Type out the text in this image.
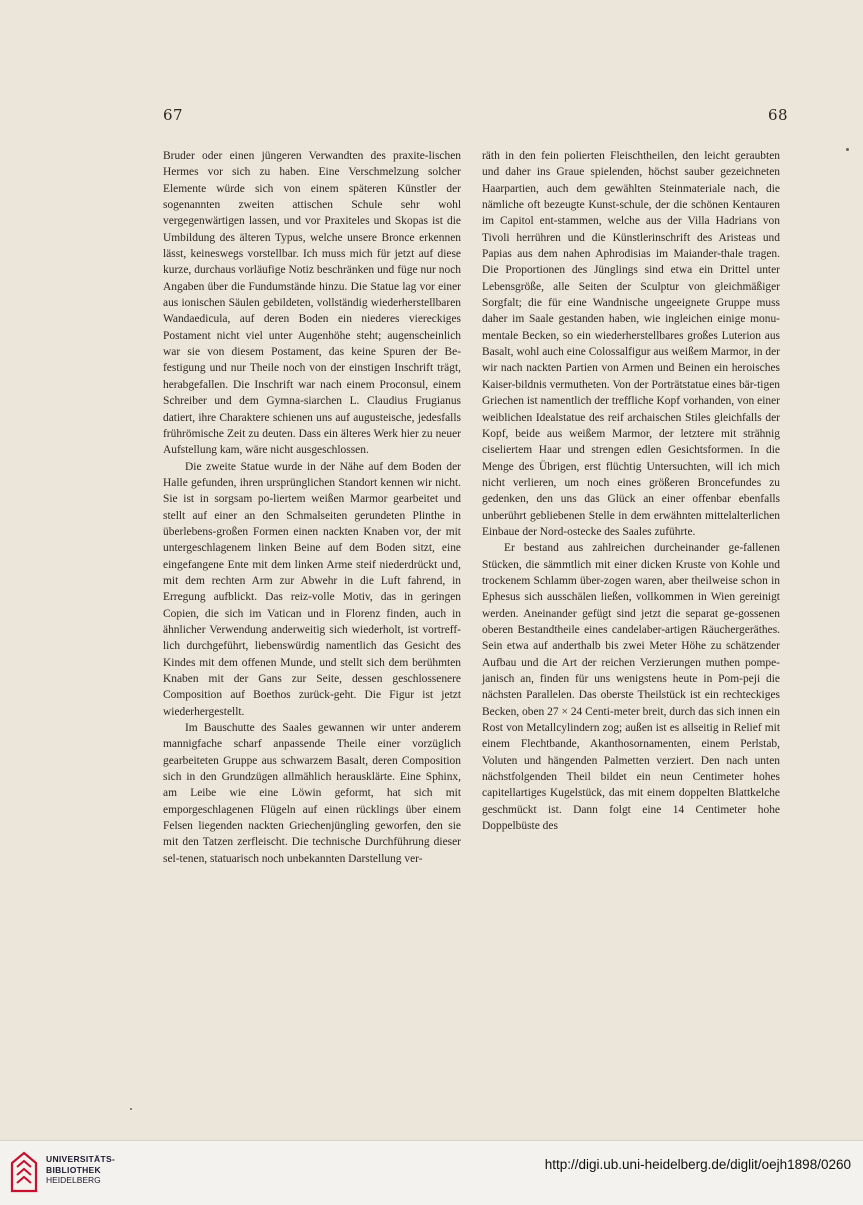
67	68

Bruder oder einen jüngeren Verwandten des praxite-lischen Hermes vor sich zu haben. Eine Verschmelzung solcher Elemente würde sich von einem späteren Künstler der sogenannten zweiten attischen Schule sehr wohl vergegenwärtigen lassen, und vor Praxiteles und Skopas ist die Umbildung des älteren Typus, welche unsere Bronce erkennen lässt, keineswegs vorstellbar. Ich muss mich für jetzt auf diese kurze, durchaus vorläufige Notiz beschränken und füge nur noch Angaben über die Fundumstände hinzu. Die Statue lag vor einer aus ionischen Säulen gebildeten, vollständig wiederherstellbaren Wandaedicula, auf deren Boden ein niederes viereckiges Postament nicht viel unter Augenhöhe steht; augenscheinlich war sie von diesem Postament, das keine Spuren der Be-festigung und nur Theile noch von der einstigen Inschrift trägt, herabgefallen. Die Inschrift war nach einem Proconsul, einem Schreiber und dem Gymna-siarchen L. Claudius Frugianus datiert, ihre Charaktere schienen uns auf augusteische, jedesfalls frührömische Zeit zu deuten. Dass ein älteres Werk hier zu neuer Aufstellung kam, wäre nicht ausgeschlossen.

Die zweite Statue wurde in der Nähe auf dem Boden der Halle gefunden, ihren ursprünglichen Standort kennen wir nicht. Sie ist in sorgsam po-liertem weißen Marmor gearbeitet und stellt auf einer an den Schmalseiten gerundeten Plinthe in überlebens-großen Formen einen nackten Knaben vor, der mit untergeschlagenem linken Beine auf dem Boden sitzt, eine eingefangene Ente mit dem linken Arme steif niederdrückt und, mit dem rechten Arm zur Abwehr in die Luft fahrend, in Erregung aufblickt. Das reiz-volle Motiv, das in geringen Copien, die sich im Vatican und in Florenz finden, auch in ähnlicher Verwendung anderweitig sich wiederholt, ist vortreff-lich durchgeführt, liebenswürdig namentlich das Gesicht des Kindes mit dem offenen Munde, und stellt sich dem berühmten Knaben mit der Gans zur Seite, dessen geschlossenere Composition auf Boethos zurück-geht. Die Figur ist jetzt wiederhergestellt.

Im Bauschutte des Saales gewannen wir unter anderem mannigfache scharf anpassende Theile einer vorzüglich gearbeiteten Gruppe aus schwarzem Basalt, deren Composition sich in den Grundzügen allmählich herausklärte. Eine Sphinx, am Leibe wie eine Löwin geformt, hat sich mit emporgeschlagenen Flügeln auf einen rücklings über einem Felsen liegenden nackten Griechenjüngling geworfen, den sie mit den Tatzen zerfleischt. Die technische Durchführung dieser sel-tenen, statuarisch noch unbekannten Darstellung ver-

räth in den fein polierten Fleischtheilen, den leicht geraubten und daher ins Graue spielenden, höchst sauber gezeichneten Haarpartien, auch dem gewählten Steinmateriale nach, die nämliche oft bezeugte Kunst-schule, der die schönen Kentauren im Capitol ent-stammen, welche aus der Villa Hadrians von Tivoli herrühren und die Künstlerinschrift des Aristeas und Papias aus dem nahen Aphrodisias im Maiander-thale tragen. Die Proportionen des Jünglings sind etwa ein Drittel unter Lebensgröße, alle Seiten der Sculptur von gleichmäßiger Sorgfalt; die für eine Wandnische ungeeignete Gruppe muss daher im Saale gestanden haben, wie ingleichen einige monu-mentale Becken, so ein wiederherstellbares großes Luterion aus Basalt, wohl auch eine Colossalfigur aus weißem Marmor, in der wir nach nackten Partien von Armen und Beinen ein heroisches Kaiser-bildnis vermutheten. Von der Porträtstatue eines bär-tigen Griechen ist namentlich der treffliche Kopf vorhanden, von einer weiblichen Idealstatue des reif archaischen Stiles gleichfalls der Kopf, beide aus weißem Marmor, der letztere mit strähnig ciseliertem Haar und strengen edlen Gesichtsformen. In die Menge des Übrigen, erst flüchtig Untersuchten, will ich mich nicht verlieren, um noch eines größeren Broncefundes zu gedenken, den uns das Glück an einer offenbar ebenfalls unberührt gebliebenen Stelle in dem erwähnten mittelalterlichen Einbaue der Nord-ostecke des Saales zuführte.

Er bestand aus zahlreichen durcheinander ge-fallenen Stücken, die sämmtlich mit einer dicken Kruste von Kohle und trockenem Schlamm über-zogen waren, aber theilweise schon in Ephesus sich ausschälen ließen, vollkommen in Wien gereinigt werden. Aneinander gefügt sind jetzt die separat ge-gossenen oberen Bestandtheile eines candelaber-artigen Räuchergeräthes. Sein etwa auf anderthalb bis zwei Meter Höhe zu schätzender Aufbau und die Art der reichen Verzierungen muthen pompe-janisch an, finden für uns wenigstens heute in Pom-peji die nächsten Parallelen. Das oberste Theilstück ist ein rechteckiges Becken, oben 27 × 24 Centi-meter breit, durch das sich innen ein Rost von Metallcylindern zog; außen ist es allseitig in Relief mit einem Flechtbande, Akanthosornamenten, einem Perlstab, Voluten und hängenden Palmetten verziert. Den nach unten nächstfolgenden Theil bildet ein neun Centimeter hohes capitellartiges Kugelstück, das mit einem doppelten Blattkelche geschmückt ist. Dann folgt eine 14 Centimeter hohe Doppelbüste des

UNIVERSITÄTS-
BIBLIOTHEK
HEIDELBERG
http://digi.ub.uni-heidelberg.de/diglit/oejh1898/0260
